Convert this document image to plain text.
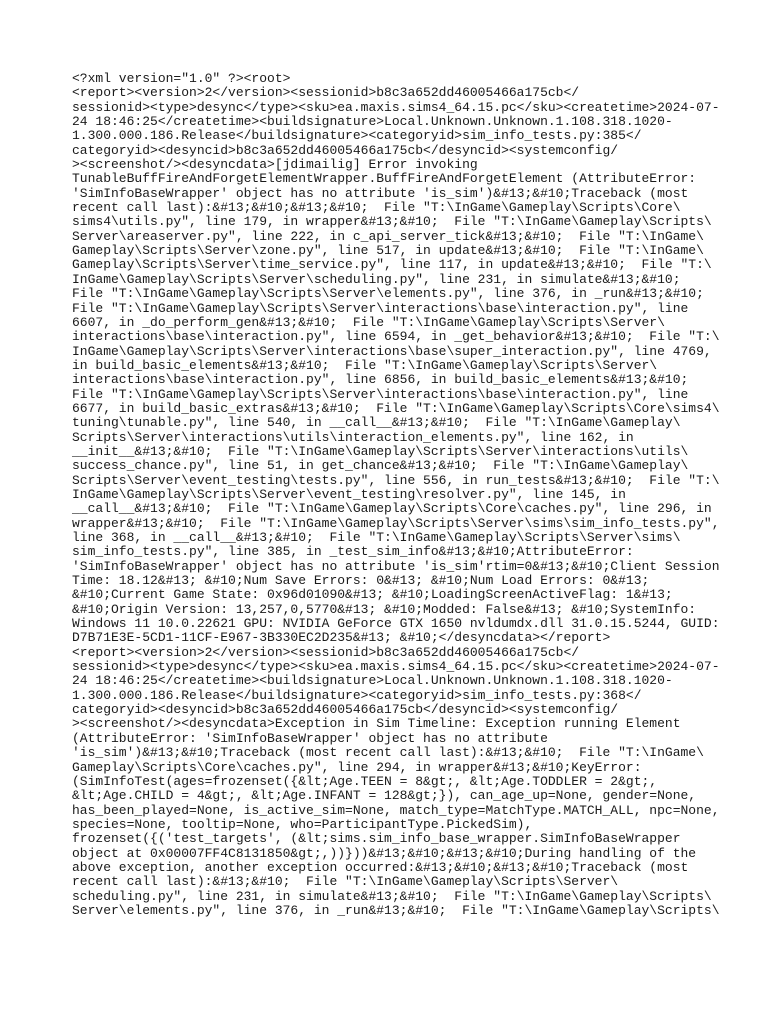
<?xml version="1.0" ?><root>
<report><version>2</version><sessionid>b8c3a652dd46005466a175cb</
sessionid><type>desync</type><sku>ea.maxis.sims4_64.15.pc</sku><createtime>2024-07-
24 18:46:25</createtime><buildsignature>Local.Unknown.Unknown.1.108.318.1020-
1.300.000.186.Release</buildsignature><categoryid>sim_info_tests.py:385</
categoryid><desyncid>b8c3a652dd46005466a175cb</desyncid><systemconfig/
><screenshot/><desyncdata>[jdimailig] Error invoking
TunableBuffFireAndForgetElementWrapper.BuffFireAndForgetElement (AttributeError:
'SimInfoBaseWrapper' object has no attribute 'is_sim')&#13;&#10;Traceback (most
recent call last):&#13;&#10;&#13;&#10;  File "T:\InGame\Gameplay\Scripts\Core\
sims4\utils.py", line 179, in wrapper&#13;&#10;  File "T:\InGame\Gameplay\Scripts\
Server\areaserver.py", line 222, in c_api_server_tick&#13;&#10;  File "T:\InGame\
Gameplay\Scripts\Server\zone.py", line 517, in update&#13;&#10;  File "T:\InGame\
Gameplay\Scripts\Server\time_service.py", line 117, in update&#13;&#10;  File "T:\
InGame\Gameplay\Scripts\Server\scheduling.py", line 231, in simulate&#13;&#10;
File "T:\InGame\Gameplay\Scripts\Server\elements.py", line 376, in _run&#13;&#10;
File "T:\InGame\Gameplay\Scripts\Server\interactions\base\interaction.py", line
6607, in _do_perform_gen&#13;&#10;  File "T:\InGame\Gameplay\Scripts\Server\
interactions\base\interaction.py", line 6594, in _get_behavior&#13;&#10;  File "T:\
InGame\Gameplay\Scripts\Server\interactions\base\super_interaction.py", line 4769,
in build_basic_elements&#13;&#10;  File "T:\InGame\Gameplay\Scripts\Server\
interactions\base\interaction.py", line 6856, in build_basic_elements&#13;&#10;
File "T:\InGame\Gameplay\Scripts\Server\interactions\base\interaction.py", line
6677, in build_basic_extras&#13;&#10;  File "T:\InGame\Gameplay\Scripts\Core\sims4\
tuning\tunable.py", line 540, in __call__&#13;&#10;  File "T:\InGame\Gameplay\
Scripts\Server\interactions\utils\interaction_elements.py", line 162, in
__init__&#13;&#10;  File "T:\InGame\Gameplay\Scripts\Server\interactions\utils\
success_chance.py", line 51, in get_chance&#13;&#10;  File "T:\InGame\Gameplay\
Scripts\Server\event_testing\tests.py", line 556, in run_tests&#13;&#10;  File "T:\
InGame\Gameplay\Scripts\Server\event_testing\resolver.py", line 145, in
__call__&#13;&#10;  File "T:\InGame\Gameplay\Scripts\Core\caches.py", line 296, in
wrapper&#13;&#10;  File "T:\InGame\Gameplay\Scripts\Server\sims\sim_info_tests.py",
line 368, in __call__&#13;&#10;  File "T:\InGame\Gameplay\Scripts\Server\sims\
sim_info_tests.py", line 385, in _test_sim_info&#13;&#10;AttributeError:
'SimInfoBaseWrapper' object has no attribute 'is_sim'rtim=0&#13;&#10;Client Session
Time: 18.12&#13; &#10;Num Save Errors: 0&#13; &#10;Num Load Errors: 0&#13;
&#10;Current Game State: 0x96d01090&#13; &#10;LoadingScreenActiveFlag: 1&#13;
&#10;Origin Version: 13,257,0,5770&#13; &#10;Modded: False&#13; &#10;SystemInfo:
Windows 11 10.0.22621 GPU: NVIDIA GeForce GTX 1650 nvldumdx.dll 31.0.15.5244, GUID:
D7B71E3E-5CD1-11CF-E967-3B330EC2D235&#13; &#10;</desyncdata></report>
<report><version>2</version><sessionid>b8c3a652dd46005466a175cb</
sessionid><type>desync</type><sku>ea.maxis.sims4_64.15.pc</sku><createtime>2024-07-
24 18:46:25</createtime><buildsignature>Local.Unknown.Unknown.1.108.318.1020-
1.300.000.186.Release</buildsignature><categoryid>sim_info_tests.py:368</
categoryid><desyncid>b8c3a652dd46005466a175cb</desyncid><systemconfig/
><screenshot/><desyncdata>Exception in Sim Timeline: Exception running Element
(AttributeError: 'SimInfoBaseWrapper' object has no attribute
'is_sim')&#13;&#10;Traceback (most recent call last):&#13;&#10;  File "T:\InGame\
Gameplay\Scripts\Core\caches.py", line 294, in wrapper&#13;&#10;KeyError:
(SimInfoTest(ages=frozenset({&lt;Age.TEEN = 8&gt;, &lt;Age.TODDLER = 2&gt;,
&lt;Age.CHILD = 4&gt;, &lt;Age.INFANT = 128&gt;}), can_age_up=None, gender=None,
has_been_played=None, is_active_sim=None, match_type=MatchType.MATCH_ALL, npc=None,
species=None, tooltip=None, who=ParticipantType.PickedSim),
frozenset({('test_targets', (&lt;sims.sim_info_base_wrapper.SimInfoBaseWrapper
object at 0x00007FF4C8131850&gt;,))}))&#13;&#10;&#13;&#10;During handling of the
above exception, another exception occurred:&#13;&#10;&#13;&#10;Traceback (most
recent call last):&#13;&#10;  File "T:\InGame\Gameplay\Scripts\Server\
scheduling.py", line 231, in simulate&#13;&#10;  File "T:\InGame\Gameplay\Scripts\
Server\elements.py", line 376, in _run&#13;&#10;  File "T:\InGame\Gameplay\Scripts\
